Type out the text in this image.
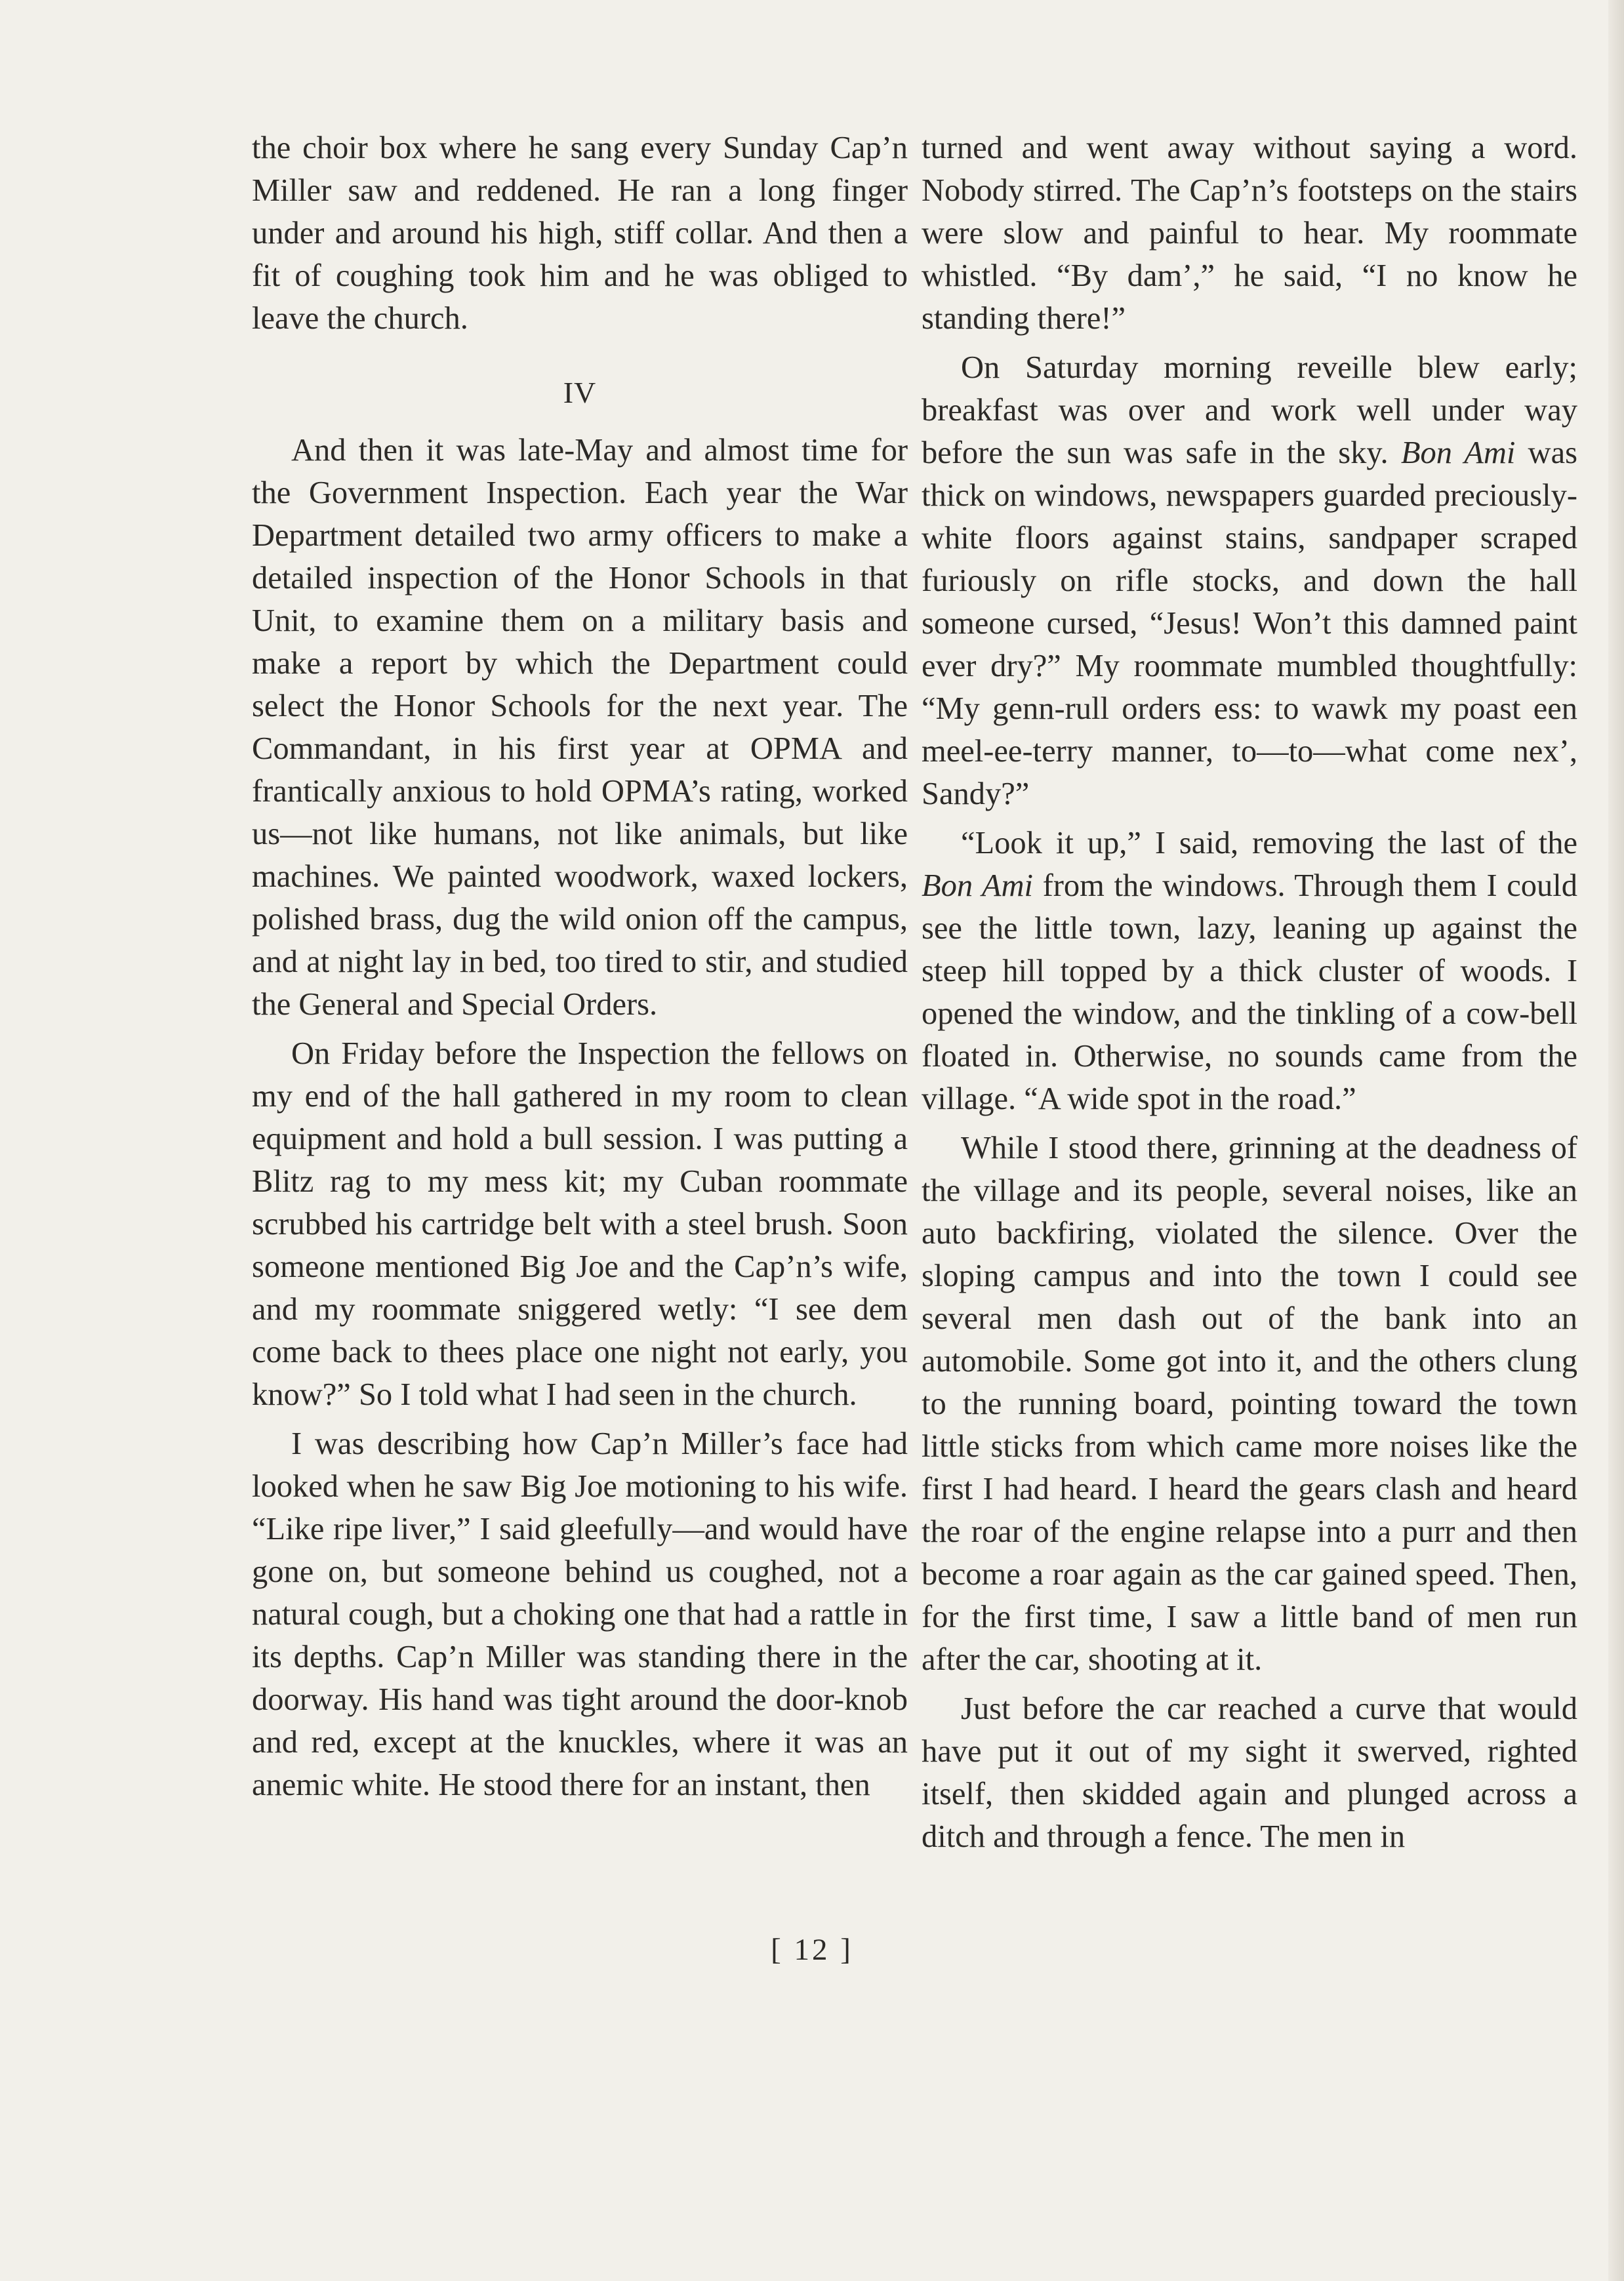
the choir box where he sang every Sunday Cap’n Miller saw and reddened. He ran a long finger under and around his high, stiff collar. And then a fit of coughing took him and he was obliged to leave the church.

IV

And then it was late-May and almost time for the Government Inspection. Each year the War Department detailed two army officers to make a detailed inspection of the Honor Schools in that Unit, to examine them on a military basis and make a report by which the Department could select the Honor Schools for the next year. The Commandant, in his first year at OPMA and frantically anxious to hold OPMA’s rating, worked us—not like humans, not like animals, but like machines. We painted woodwork, waxed lockers, polished brass, dug the wild onion off the campus, and at night lay in bed, too tired to stir, and studied the General and Special Orders.

On Friday before the Inspection the fellows on my end of the hall gathered in my room to clean equipment and hold a bull session. I was putting a Blitz rag to my mess kit; my Cuban roommate scrubbed his cartridge belt with a steel brush. Soon someone mentioned Big Joe and the Cap’n’s wife, and my roommate sniggered wetly: “I see dem come back to thees place one night not early, you know?” So I told what I had seen in the church.

I was describing how Cap’n Miller’s face had looked when he saw Big Joe motioning to his wife. “Like ripe liver,” I said gleefully—and would have gone on, but someone behind us coughed, not a natural cough, but a choking one that had a rattle in its depths. Cap’n Miller was standing there in the doorway. His hand was tight around the door-knob and red, except at the knuckles, where it was an anemic white. He stood there for an instant, then

turned and went away without saying a word. Nobody stirred. The Cap’n’s footsteps on the stairs were slow and painful to hear. My roommate whistled. “By dam’,” he said, “I no know he standing there!”

On Saturday morning reveille blew early; breakfast was over and work well under way before the sun was safe in the sky. Bon Ami was thick on windows, newspapers guarded preciously-white floors against stains, sandpaper scraped furiously on rifle stocks, and down the hall someone cursed, “Jesus! Won’t this damned paint ever dry?” My roommate mumbled thoughtfully: “My genn-rull orders ess: to wawk my poast een meel-ee-terry manner, to—to—what come nex’, Sandy?”

“Look it up,” I said, removing the last of the Bon Ami from the windows. Through them I could see the little town, lazy, leaning up against the steep hill topped by a thick cluster of woods. I opened the window, and the tinkling of a cow-bell floated in. Otherwise, no sounds came from the village. “A wide spot in the road.”

While I stood there, grinning at the deadness of the village and its people, several noises, like an auto backfiring, violated the silence. Over the sloping campus and into the town I could see several men dash out of the bank into an automobile. Some got into it, and the others clung to the running board, pointing toward the town little sticks from which came more noises like the first I had heard. I heard the gears clash and heard the roar of the engine relapse into a purr and then become a roar again as the car gained speed. Then, for the first time, I saw a little band of men run after the car, shooting at it.

Just before the car reached a curve that would have put it out of my sight it swerved, righted itself, then skidded again and plunged across a ditch and through a fence. The men in

[ 12 ]
